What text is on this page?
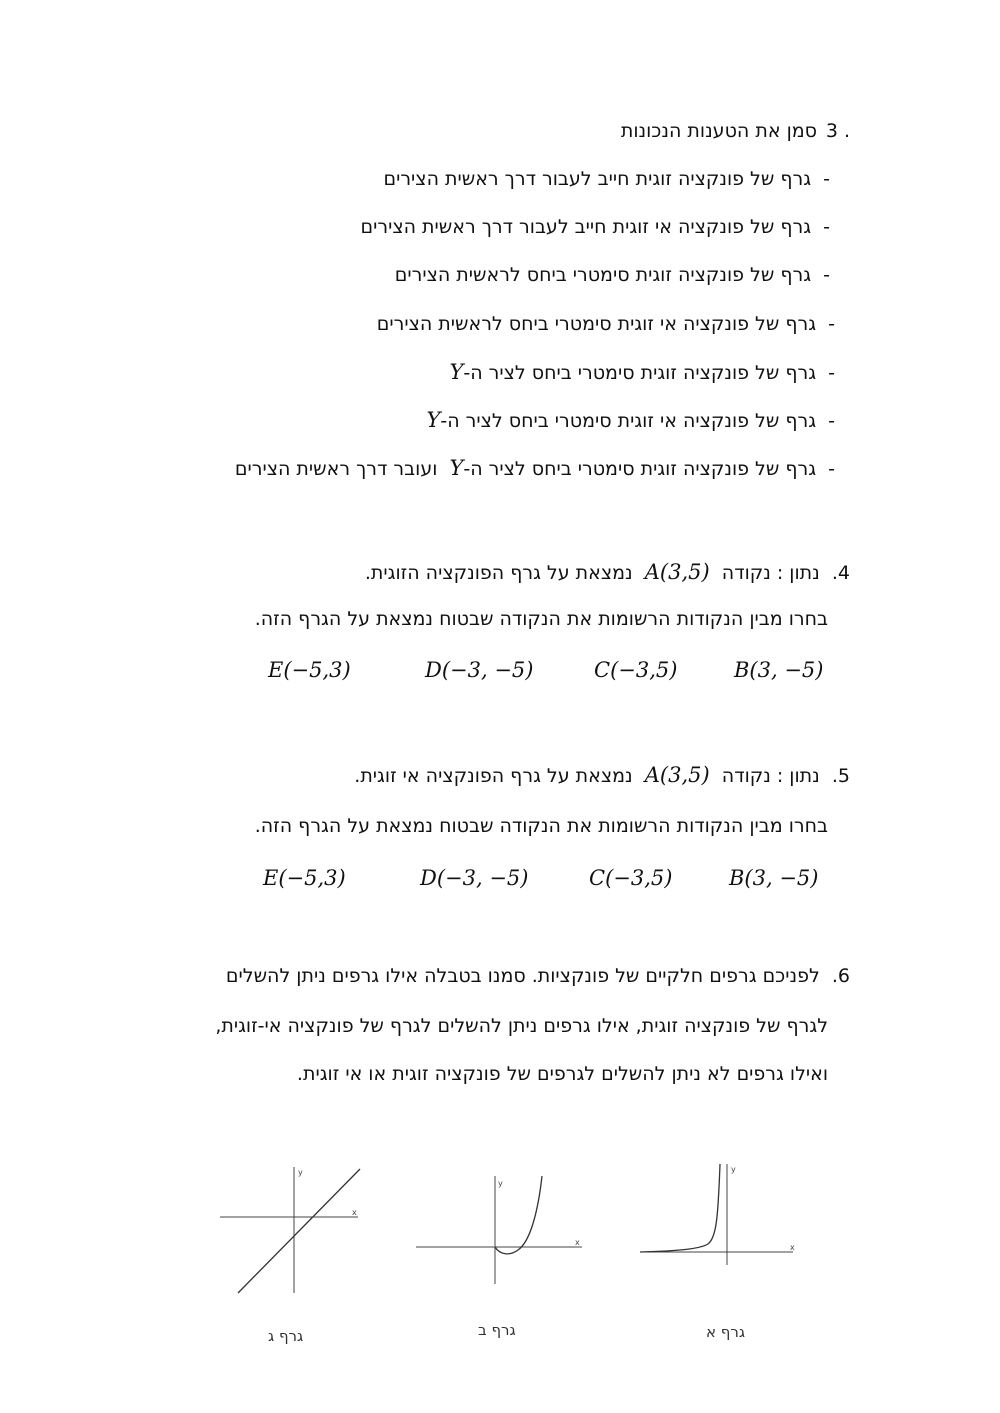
3 .
סמן את הטענות הנכונות
-  גרף של פונקציה זוגית חייב לעבור דרך ראשית הצירים
-  גרף של פונקציה אי זוגית חייב לעבור דרך ראשית הצירים
-  גרף של פונקציה זוגית סימטרי ביחס לראשית הצירים
-  גרף של פונקציה אי זוגית סימטרי ביחס לראשית הצירים
-  גרף של פונקציה זוגית סימטרי ביחס לציר ה-Y
-  גרף של פונקציה אי זוגית סימטרי ביחס לציר ה-Y
-  גרף של פונקציה זוגית סימטרי ביחס לציר ה-Y  ועובר דרך ראשית הצירים
4.  נתון : נקודה  A(3,5)  נמצאת על גרף הפונקציה הזוגית.
בחרו מבין הנקודות הרשומות את הנקודה שבטוח נמצאת על הגרף הזה.
B(3, −5)
C(−3,5)
D(−3, −5)
E(−5,3)
5.  נתון : נקודה  A(3,5)  נמצאת על גרף הפונקציה אי זוגית.
בחרו מבין הנקודות הרשומות את הנקודה שבטוח נמצאת על הגרף הזה.
B(3, −5)
C(−3,5)
D(−3, −5)
E(−5,3)
6.  לפניכם גרפים חלקיים של פונקציות. סמנו בטבלה אילו גרפים ניתן להשלים
לגרף של פונקציה זוגית, אילו גרפים ניתן להשלים לגרף של פונקציה אי-זוגית,
ואילו גרפים לא ניתן להשלים לגרפים של פונקציה זוגית או אי זוגית.
x
y
x
y
x
y
גרף א
גרף ב
גרף ג
